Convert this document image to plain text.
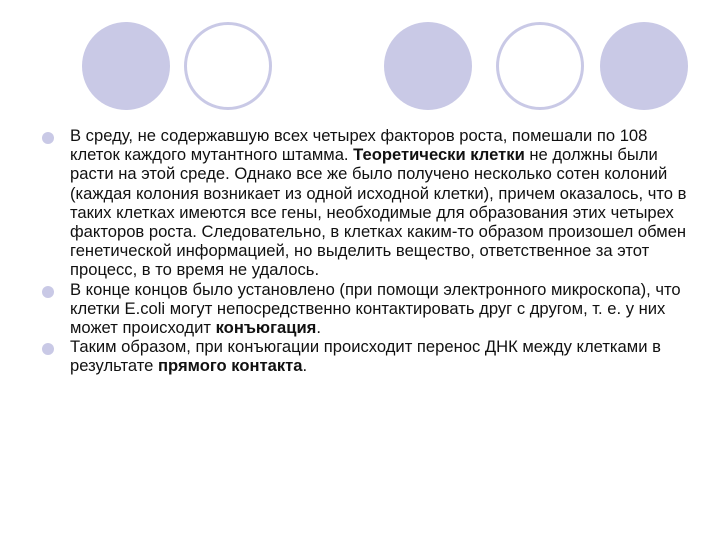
В среду, не содержавшую всех четырех факторов роста, помешали по 108 клеток каждого мутантного штамма. Теоретически клетки не должны были расти на этой среде. Однако все же было получено несколько сотен колоний (каждая колония возникает из одной исходной клетки), причем оказалось, что в таких клетках имеются все гены, необходимые для образования этих четырех факторов роста. Следовательно, в клетках каким-то образом произошел обмен генетической информацией, но выделить вещество, ответственное за этот процесс, в то время не удалось.
В конце концов было установлено (при помощи электронного микроскопа), что клетки E.coli могут непосредственно контактировать друг с другом, т. е. у них может происходит конъюгация.
Таким образом, при конъюгации происходит перенос ДНК между клетками в результате прямого контакта.
